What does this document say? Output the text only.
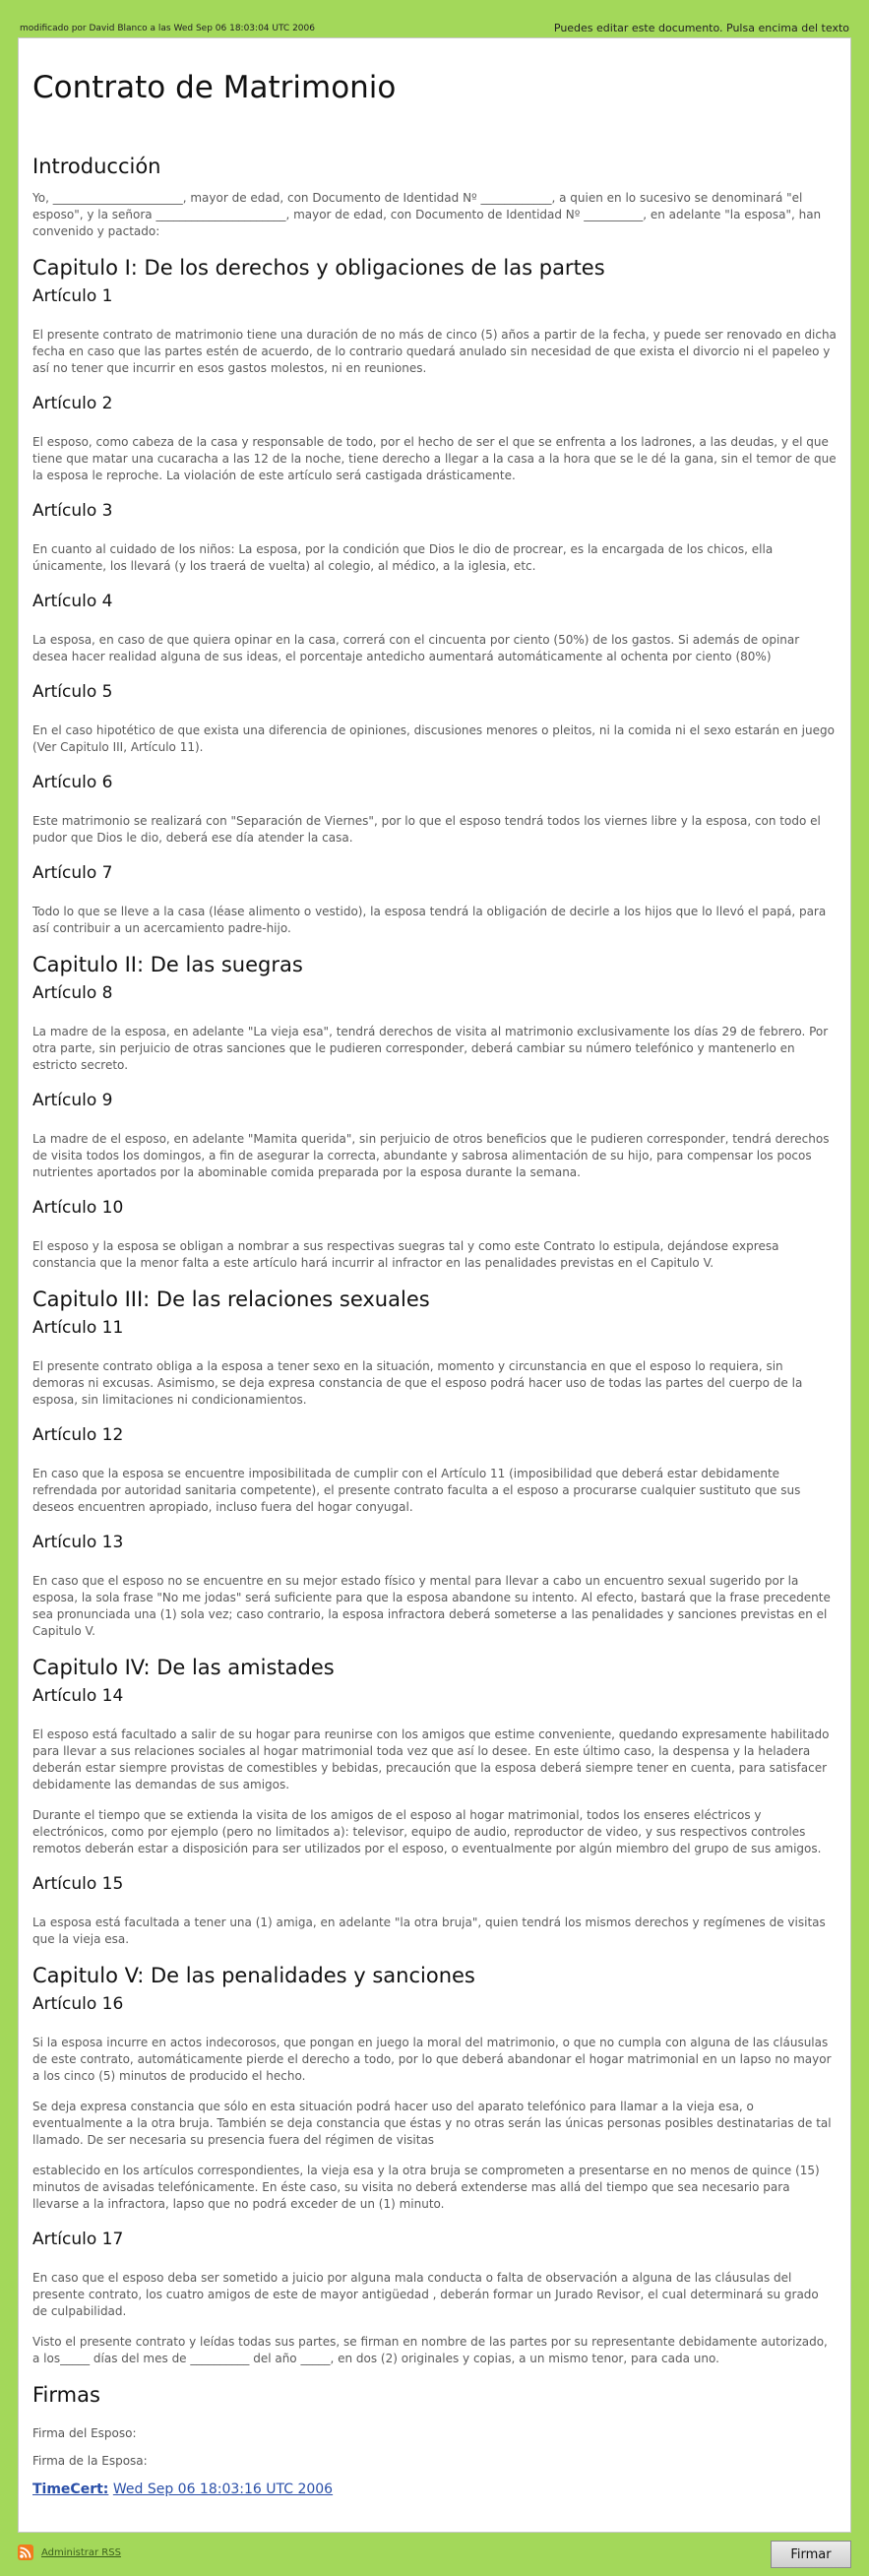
modificado por David Blanco a las Wed Sep 06 18:03:04 UTC 2006	Puedes editar este documento. Pulsa encima del texto
Contrato de Matrimonio
Introducción

Yo, ______________________, mayor de edad, con Documento de Identidad Nº ____________, a quien en lo sucesivo se denominará "el esposo", y la señora ______________________, mayor de edad, con Documento de Identidad Nº __________, en adelante "la esposa", han convenido y pactado:

Capitulo I: De los derechos y obligaciones de las partes
Artículo 1

El presente contrato de matrimonio tiene una duración de no más de cinco (5) años a partir de la fecha, y puede ser renovado en dicha fecha en caso que las partes estén de acuerdo, de lo contrario quedará anulado sin necesidad de que exista el divorcio ni el papeleo y así no tener que incurrir en esos gastos molestos, ni en reuniones.

Artículo 2

El esposo, como cabeza de la casa y responsable de todo, por el hecho de ser el que se enfrenta a los ladrones, a las deudas, y el que tiene que matar una cucaracha a las 12 de la noche, tiene derecho a llegar a la casa a la hora que se le dé la gana, sin el temor de que la esposa le reproche. La violación de este artículo será castigada drásticamente.

Artículo 3

En cuanto al cuidado de los niños: La esposa, por la condición que Dios le dio de procrear, es la encargada de los chicos, ella únicamente, los llevará (y los traerá de vuelta) al colegio, al médico, a la iglesia, etc.

Artículo 4

La esposa, en caso de que quiera opinar en la casa, correrá con el cincuenta por ciento (50%) de los gastos. Si además de opinar desea hacer realidad alguna de sus ideas, el porcentaje antedicho aumentará automáticamente al ochenta por ciento (80%)

Artículo 5

En el caso hipotético de que exista una diferencia de opiniones, discusiones menores o pleitos, ni la comida ni el sexo estarán en juego (Ver Capitulo III, Artículo 11).

Artículo 6

Este matrimonio se realizará con "Separación de Viernes", por lo que el esposo tendrá todos los viernes libre y la esposa, con todo el pudor que Dios le dio, deberá ese día atender la casa.

Artículo 7

Todo lo que se lleve a la casa (léase alimento o vestido), la esposa tendrá la obligación de decirle a los hijos que lo llevó el papá, para así contribuir a un acercamiento padre-hijo.

Capitulo II: De las suegras
Artículo 8

La madre de la esposa, en adelante "La vieja esa", tendrá derechos de visita al matrimonio exclusivamente los días 29 de febrero. Por otra parte, sin perjuicio de otras sanciones que le pudieren corresponder, deberá cambiar su número telefónico y mantenerlo en estricto secreto.

Artículo 9

La madre de el esposo, en adelante "Mamita querida", sin perjuicio de otros beneficios que le pudieren corresponder, tendrá derechos de visita todos los domingos, a fin de asegurar la correcta, abundante y sabrosa alimentación de su hijo, para compensar los pocos nutrientes aportados por la abominable comida preparada por la esposa durante la semana.

Artículo 10

El esposo y la esposa se obligan a nombrar a sus respectivas suegras tal y como este Contrato lo estipula, dejándose expresa constancia que la menor falta a este artículo hará incurrir al infractor en las penalidades previstas en el Capitulo V.

Capitulo III: De las relaciones sexuales
Artículo 11

El presente contrato obliga a la esposa a tener sexo en la situación, momento y circunstancia en que el esposo lo requiera, sin demoras ni excusas. Asimismo, se deja expresa constancia de que el esposo podrá hacer uso de todas las partes del cuerpo de la esposa, sin limitaciones ni condicionamientos.

Artículo 12

En caso que la esposa se encuentre imposibilitada de cumplir con el Artículo 11 (imposibilidad que deberá estar debidamente refrendada por autoridad sanitaria competente), el presente contrato faculta a el esposo a procurarse cualquier sustituto que sus deseos encuentren apropiado, incluso fuera del hogar conyugal.

Artículo 13

En caso que el esposo no se encuentre en su mejor estado físico y mental para llevar a cabo un encuentro sexual sugerido por la esposa, la sola frase "No me jodas" será suficiente para que la esposa abandone su intento. Al efecto, bastará que la frase precedente sea pronunciada una (1) sola vez; caso contrario, la esposa infractora deberá someterse a las penalidades y sanciones previstas en el Capitulo V.

Capitulo IV: De las amistades
Artículo 14

El esposo está facultado a salir de su hogar para reunirse con los amigos que estime conveniente, quedando expresamente habilitado para llevar a sus relaciones sociales al hogar matrimonial toda vez que así lo desee. En este último caso, la despensa y la heladera deberán estar siempre provistas de comestibles y bebidas, precaución que la esposa deberá siempre tener en cuenta, para satisfacer debidamente las demandas de sus amigos.

Durante el tiempo que se extienda la visita de los amigos de el esposo al hogar matrimonial, todos los enseres eléctricos y electrónicos, como por ejemplo (pero no limitados a): televisor, equipo de audio, reproductor de video, y sus respectivos controles remotos deberán estar a disposición para ser utilizados por el esposo, o eventualmente por algún miembro del grupo de sus amigos.

Artículo 15

La esposa está facultada a tener una (1) amiga, en adelante "la otra bruja", quien tendrá los mismos derechos y regímenes de visitas que la vieja esa.

Capitulo V: De las penalidades y sanciones
Artículo 16

Si la esposa incurre en actos indecorosos, que pongan en juego la moral del matrimonio, o que no cumpla con alguna de las cláusulas de este contrato, automáticamente pierde el derecho a todo, por lo que deberá abandonar el hogar matrimonial en un lapso no mayor a los cinco (5) minutos de producido el hecho.

Se deja expresa constancia que sólo en esta situación podrá hacer uso del aparato telefónico para llamar a la vieja esa, o eventualmente a la otra bruja. También se deja constancia que éstas y no otras serán las únicas personas posibles destinatarias de tal llamado. De ser necesaria su presencia fuera del régimen de visitas

establecido en los artículos correspondientes, la vieja esa y la otra bruja se comprometen a presentarse en no menos de quince (15) minutos de avisadas telefónicamente. En éste caso, su visita no deberá extenderse mas allá del tiempo que sea necesario para llevarse a la infractora, lapso que no podrá exceder de un (1) minuto.

Artículo 17

En caso que el esposo deba ser sometido a juicio por alguna mala conducta o falta de observación a alguna de las cláusulas del presente contrato, los cuatro amigos de este de mayor antigüedad , deberán formar un Jurado Revisor, el cual determinará su grado de culpabilidad.

Visto el presente contrato y leídas todas sus partes, se firman en nombre de las partes por su representante debidamente autorizado, a los_____ días del mes de __________ del año _____, en dos (2) originales y copias, a un mismo tenor, para cada uno.

Firmas
Firma del Esposo:
Firma de la Esposa:
TimeCert: Wed Sep 06 18:03:16 UTC 2006
Administrar RSS	Firmar
